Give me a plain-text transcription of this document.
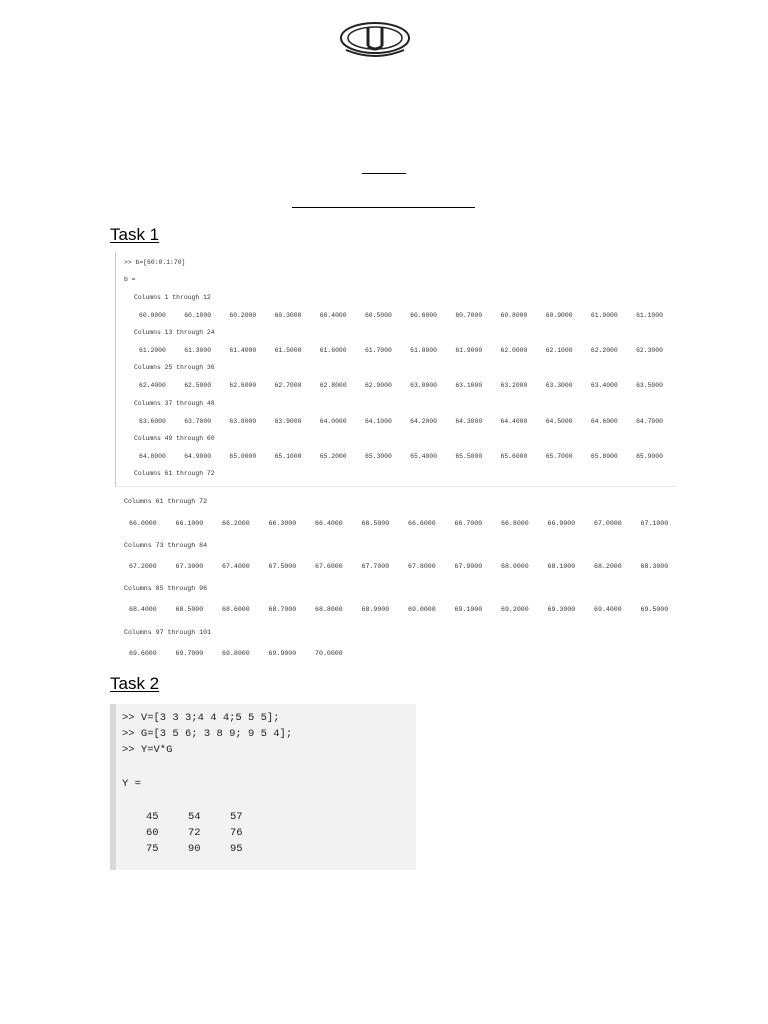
Task 1
>> b=[60:0.1:70]
b =
Columns 1 through 12
60.0000	60.1000	60.2000	60.3000	60.4000	60.5000	60.6000	60.7000	60.8000	60.9000	61.0000	61.1000
Columns 13 through 24
61.2000	61.3000	61.4000	61.5000	61.6000	61.7000	61.8000	61.9000	62.0000	62.1000	62.2000	62.3000
Columns 25 through 36
62.4000	62.5000	62.6000	62.7000	62.8000	62.9000	63.0000	63.1000	63.2000	63.3000	63.4000	63.5000
Columns 37 through 48
63.6000	63.7000	63.8000	63.9000	64.0000	64.1000	64.2000	64.3000	64.4000	64.5000	64.6000	64.7000
Columns 49 through 60
64.8000	64.9000	65.0000	65.1000	65.2000	65.3000	65.4000	65.5000	65.6000	65.7000	65.8000	65.9000
Columns 61 through 72
Columns 61 through 72
66.0000	66.1000	66.2000	66.3000	66.4000	66.5000	66.6000	66.7000	66.8000	66.9000	67.0000	67.1000
Columns 73 through 84
67.2000	67.3000	67.4000	67.5000	67.6000	67.7000	67.8000	67.9000	68.0000	68.1000	68.2000	68.3000
Columns 85 through 96
68.4000	68.5000	68.6000	68.7000	68.8000	68.9000	69.0000	69.1000	69.2000	69.3000	69.4000	69.5000
Columns 97 through 101
69.6000	69.7000	69.8000	69.9000	70.0000
Task 2
>> V=[3 3 3;4 4 4;5 5 5];
>> G=[3 5 6; 3 8 9; 9 5 4];
>> Y=V*G
Y =
45	54	57
60	72	76
75	90	95
